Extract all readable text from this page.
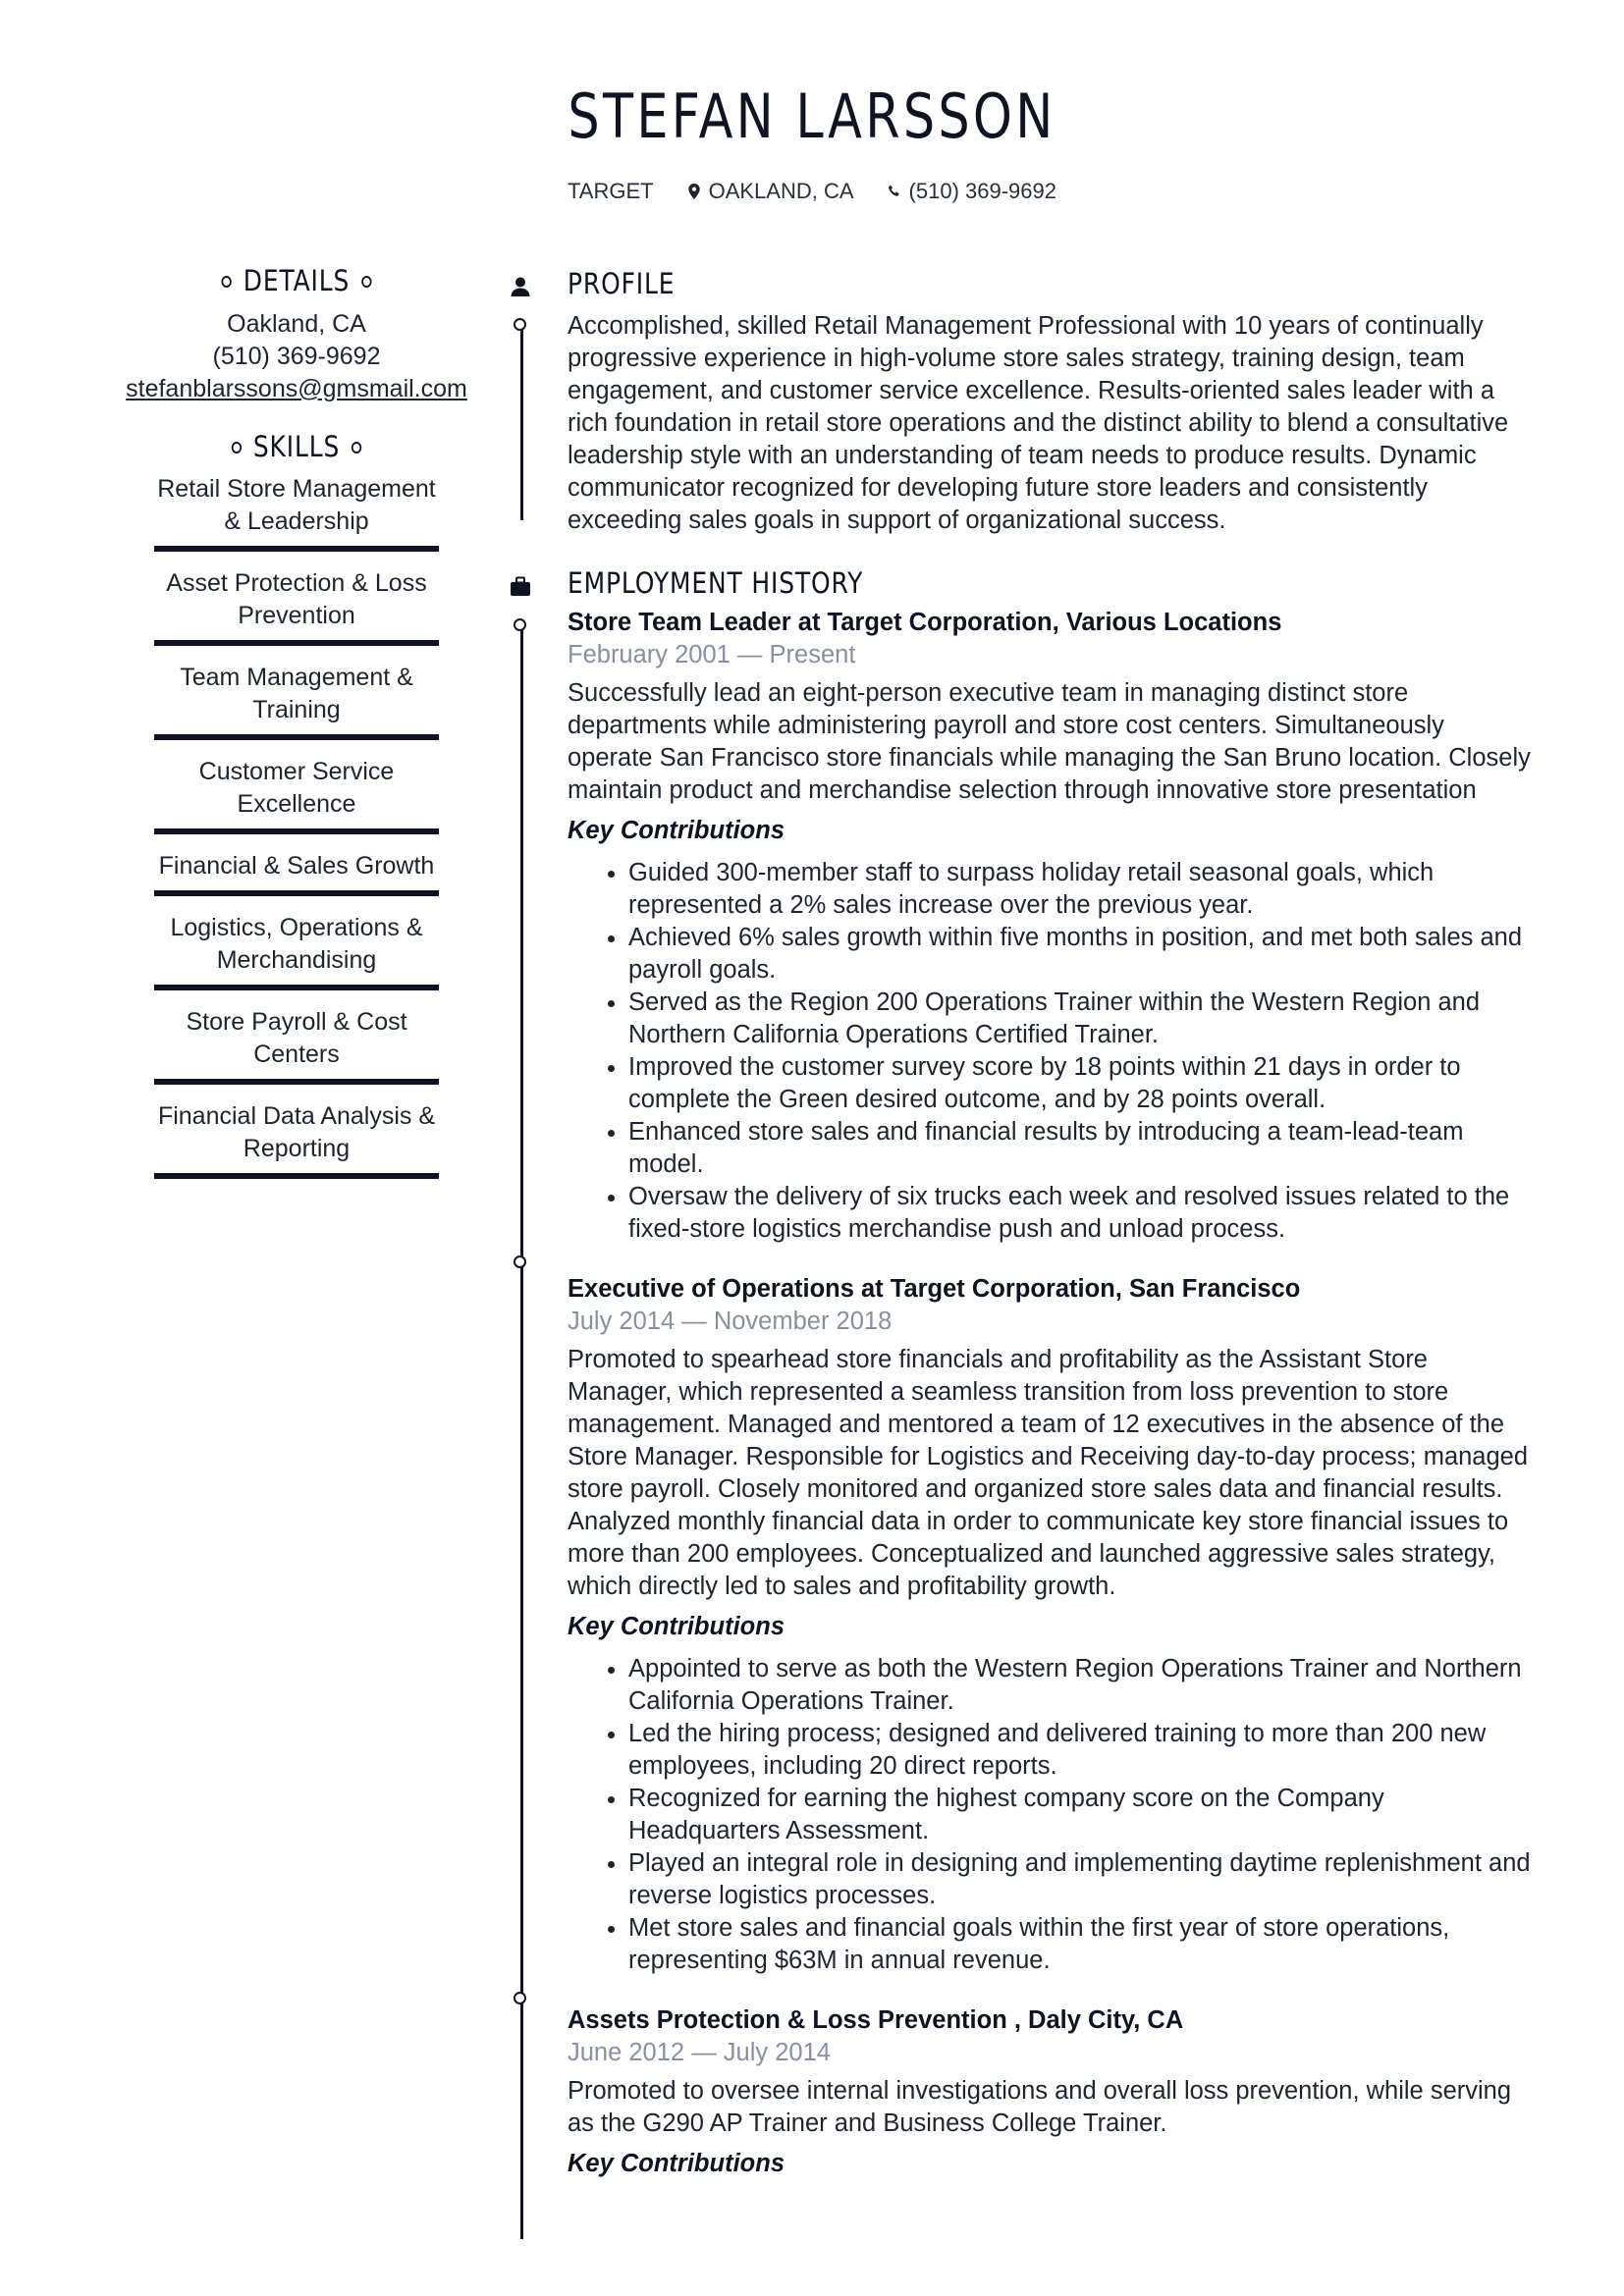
STEFAN LARSSON
TARGET	OAKLAND, CA	(510) 369-9692
DETAILS
Oakland, CA
(510) 369-9692
stefanblarssons@gmsmail.com
SKILLS
Retail Store Management & Leadership
Asset Protection & Loss Prevention
Team Management & Training
Customer Service Excellence
Financial & Sales Growth
Logistics, Operations & Merchandising
Store Payroll & Cost Centers
Financial Data Analysis & Reporting
PROFILE
Accomplished, skilled Retail Management Professional with 10 years of continually progressive experience in high-volume store sales strategy, training design, team engagement, and customer service excellence. Results-oriented sales leader with a rich foundation in retail store operations and the distinct ability to blend a consultative leadership style with an understanding of team needs to produce results. Dynamic communicator recognized for developing future store leaders and consistently exceeding sales goals in support of organizational success.
EMPLOYMENT HISTORY
Store Team Leader at Target Corporation, Various Locations
February 2001 — Present
Successfully lead an eight-person executive team in managing distinct store departments while administering payroll and store cost centers. Simultaneously operate San Francisco store financials while managing the San Bruno location. Closely maintain product and merchandise selection through innovative store presentation
Key Contributions
• Guided 300-member staff to surpass holiday retail seasonal goals, which represented a 2% sales increase over the previous year.
• Achieved 6% sales growth within five months in position, and met both sales and payroll goals.
• Served as the Region 200 Operations Trainer within the Western Region and Northern California Operations Certified Trainer.
• Improved the customer survey score by 18 points within 21 days in order to complete the Green desired outcome, and by 28 points overall.
• Enhanced store sales and financial results by introducing a team-lead-team model.
• Oversaw the delivery of six trucks each week and resolved issues related to the fixed-store logistics merchandise push and unload process.
Executive of Operations at Target Corporation, San Francisco
July 2014 — November 2018
Promoted to spearhead store financials and profitability as the Assistant Store Manager, which represented a seamless transition from loss prevention to store management. Managed and mentored a team of 12 executives in the absence of the Store Manager. Responsible for Logistics and Receiving day-to-day process; managed store payroll. Closely monitored and organized store sales data and financial results. Analyzed monthly financial data in order to communicate key store financial issues to more than 200 employees. Conceptualized and launched aggressive sales strategy, which directly led to sales and profitability growth.
Key Contributions
• Appointed to serve as both the Western Region Operations Trainer and Northern California Operations Trainer.
• Led the hiring process; designed and delivered training to more than 200 new employees, including 20 direct reports.
• Recognized for earning the highest company score on the Company Headquarters Assessment.
• Played an integral role in designing and implementing daytime replenishment and reverse logistics processes.
• Met store sales and financial goals within the first year of store operations, representing $63M in annual revenue.
Assets Protection & Loss Prevention , Daly City, CA
June 2012 — July 2014
Promoted to oversee internal investigations and overall loss prevention, while serving as the G290 AP Trainer and Business College Trainer.
Key Contributions
